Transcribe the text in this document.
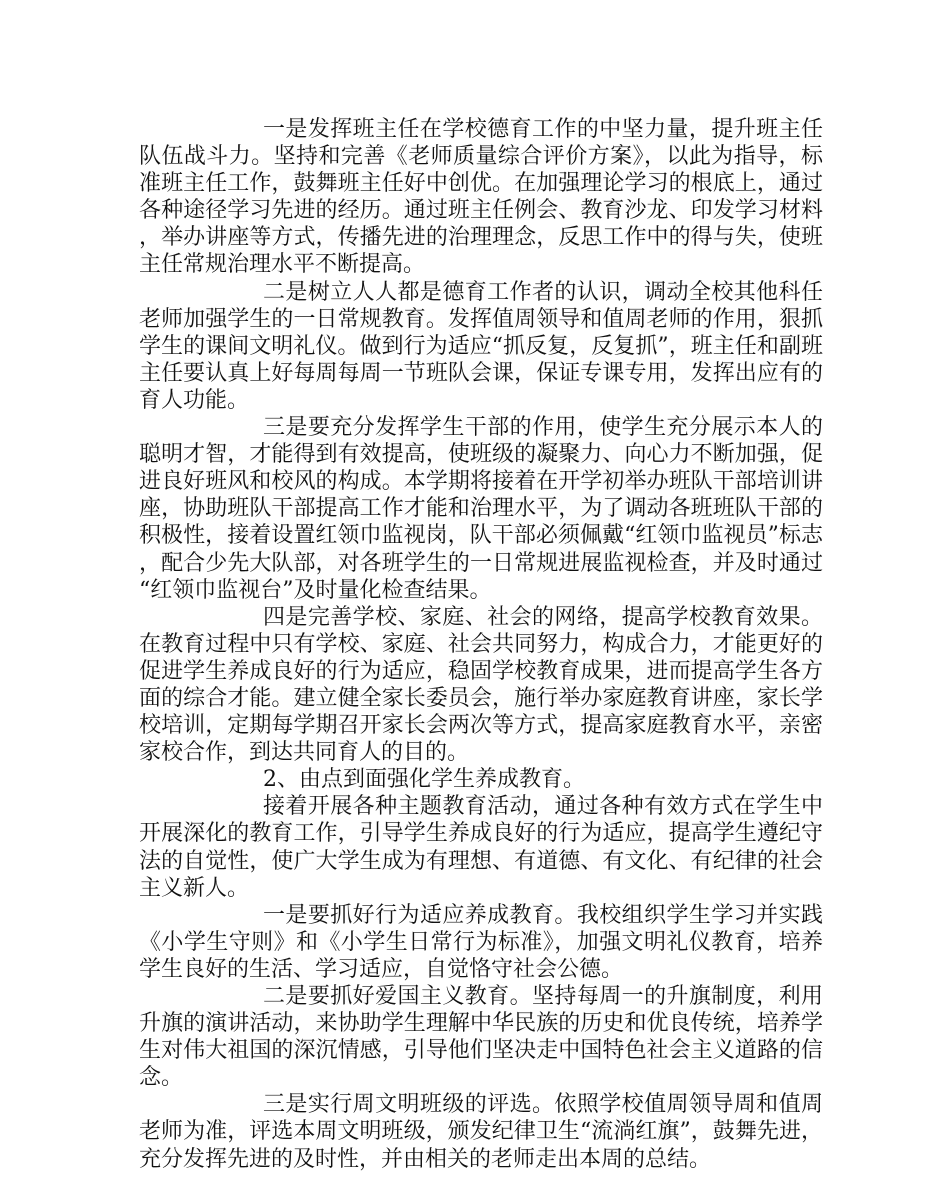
一是发挥班主任在学校德育工作的中坚力量，提升班主任队伍战斗力。坚持和完善《老师质量综合评价方案》，以此为指导，标准班主任工作，鼓舞班主任好中创优。在加强理论学习的根底上，通过各种途径学习先进的经历。通过班主任例会、教育沙龙、印发学习材料，举办讲座等方式，传播先进的治理理念，反思工作中的得与失，使班主任常规治理水平不断提高。

二是树立人人都是德育工作者的认识，调动全校其他科任老师加强学生的一日常规教育。发挥值周领导和值周老师的作用，狠抓学生的课间文明礼仪。做到行为适应“抓反复，反复抓”，班主任和副班主任要认真上好每周每周一节班队会课，保证专课专用，发挥出应有的育人功能。

三是要充分发挥学生干部的作用，使学生充分展示本人的聪明才智，才能得到有效提高，使班级的凝聚力、向心力不断加强，促进良好班风和校风的构成。本学期将接着在开学初举办班队干部培训讲座，协助班队干部提高工作才能和治理水平，为了调动各班班队干部的积极性，接着设置红领巾监视岗，队干部必须佩戴“红领巾监视员”标志，配合少先大队部，对各班学生的一日常规进展监视检查，并及时通过“红领巾监视台”及时量化检查结果。

四是完善学校、家庭、社会的网络，提高学校教育效果。在教育过程中只有学校、家庭、社会共同努力，构成合力，才能更好的促进学生养成良好的行为适应，稳固学校教育成果，进而提高学生各方面的综合才能。建立健全家长委员会，施行举办家庭教育讲座，家长学校培训，定期每学期召开家长会两次等方式，提高家庭教育水平，亲密家校合作，到达共同育人的目的。

2、由点到面强化学生养成教育。

接着开展各种主题教育活动，通过各种有效方式在学生中开展深化的教育工作，引导学生养成良好的行为适应，提高学生遵纪守法的自觉性，使广大学生成为有理想、有道德、有文化、有纪律的社会主义新人。

一是要抓好行为适应养成教育。我校组织学生学习并实践《小学生守则》和《小学生日常行为标准》，加强文明礼仪教育，培养学生良好的生活、学习适应，自觉恪守社会公德。

二是要抓好爱国主义教育。坚持每周一的升旗制度，利用升旗的演讲活动，来协助学生理解中华民族的历史和优良传统，培养学生对伟大祖国的深沉情感，引导他们坚决走中国特色社会主义道路的信念。

三是实行周文明班级的评选。依照学校值周领导周和值周老师为准，评选本周文明班级，颁发纪律卫生“流淌红旗”，鼓舞先进，充分发挥先进的及时性，并由相关的老师走出本周的总结。
